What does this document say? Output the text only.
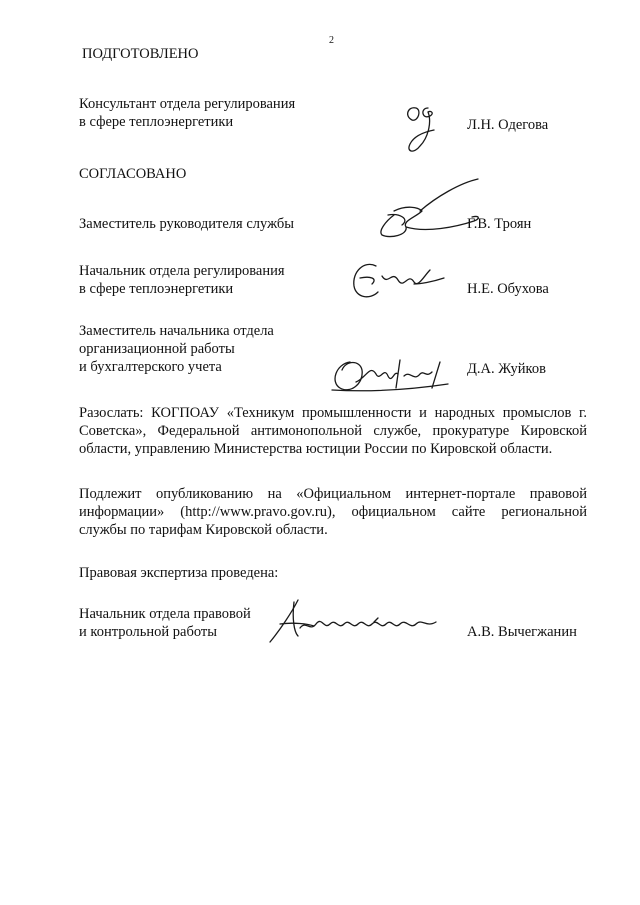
2
ПОДГОТОВЛЕНО
Консультант отдела регулирования
в сфере теплоэнергетики	Л.Н. Одегова
СОГЛАСОВАНО
Заместитель руководителя службы	Г.В. Троян
Начальник отдела регулирования
в сфере теплоэнергетики	Н.Е. Обухова
Заместитель начальника отдела
организационной работы
и бухгалтерского учета	Д.А. Жуйков
Разослать: КОГПОАУ «Техникум промышленности и народных промыслов г. Советска», Федеральной антимонопольной службе, прокуратуре Кировской области, управлению Министерства юстиции России по Кировской области.
Подлежит опубликованию на «Официальном интернет-портале правовой информации» (http://www.pravo.gov.ru), официальном сайте региональной службы по тарифам Кировской области.
Правовая экспертиза проведена:
Начальник отдела правовой
и контрольной работы	А.В. Вычегжанин
